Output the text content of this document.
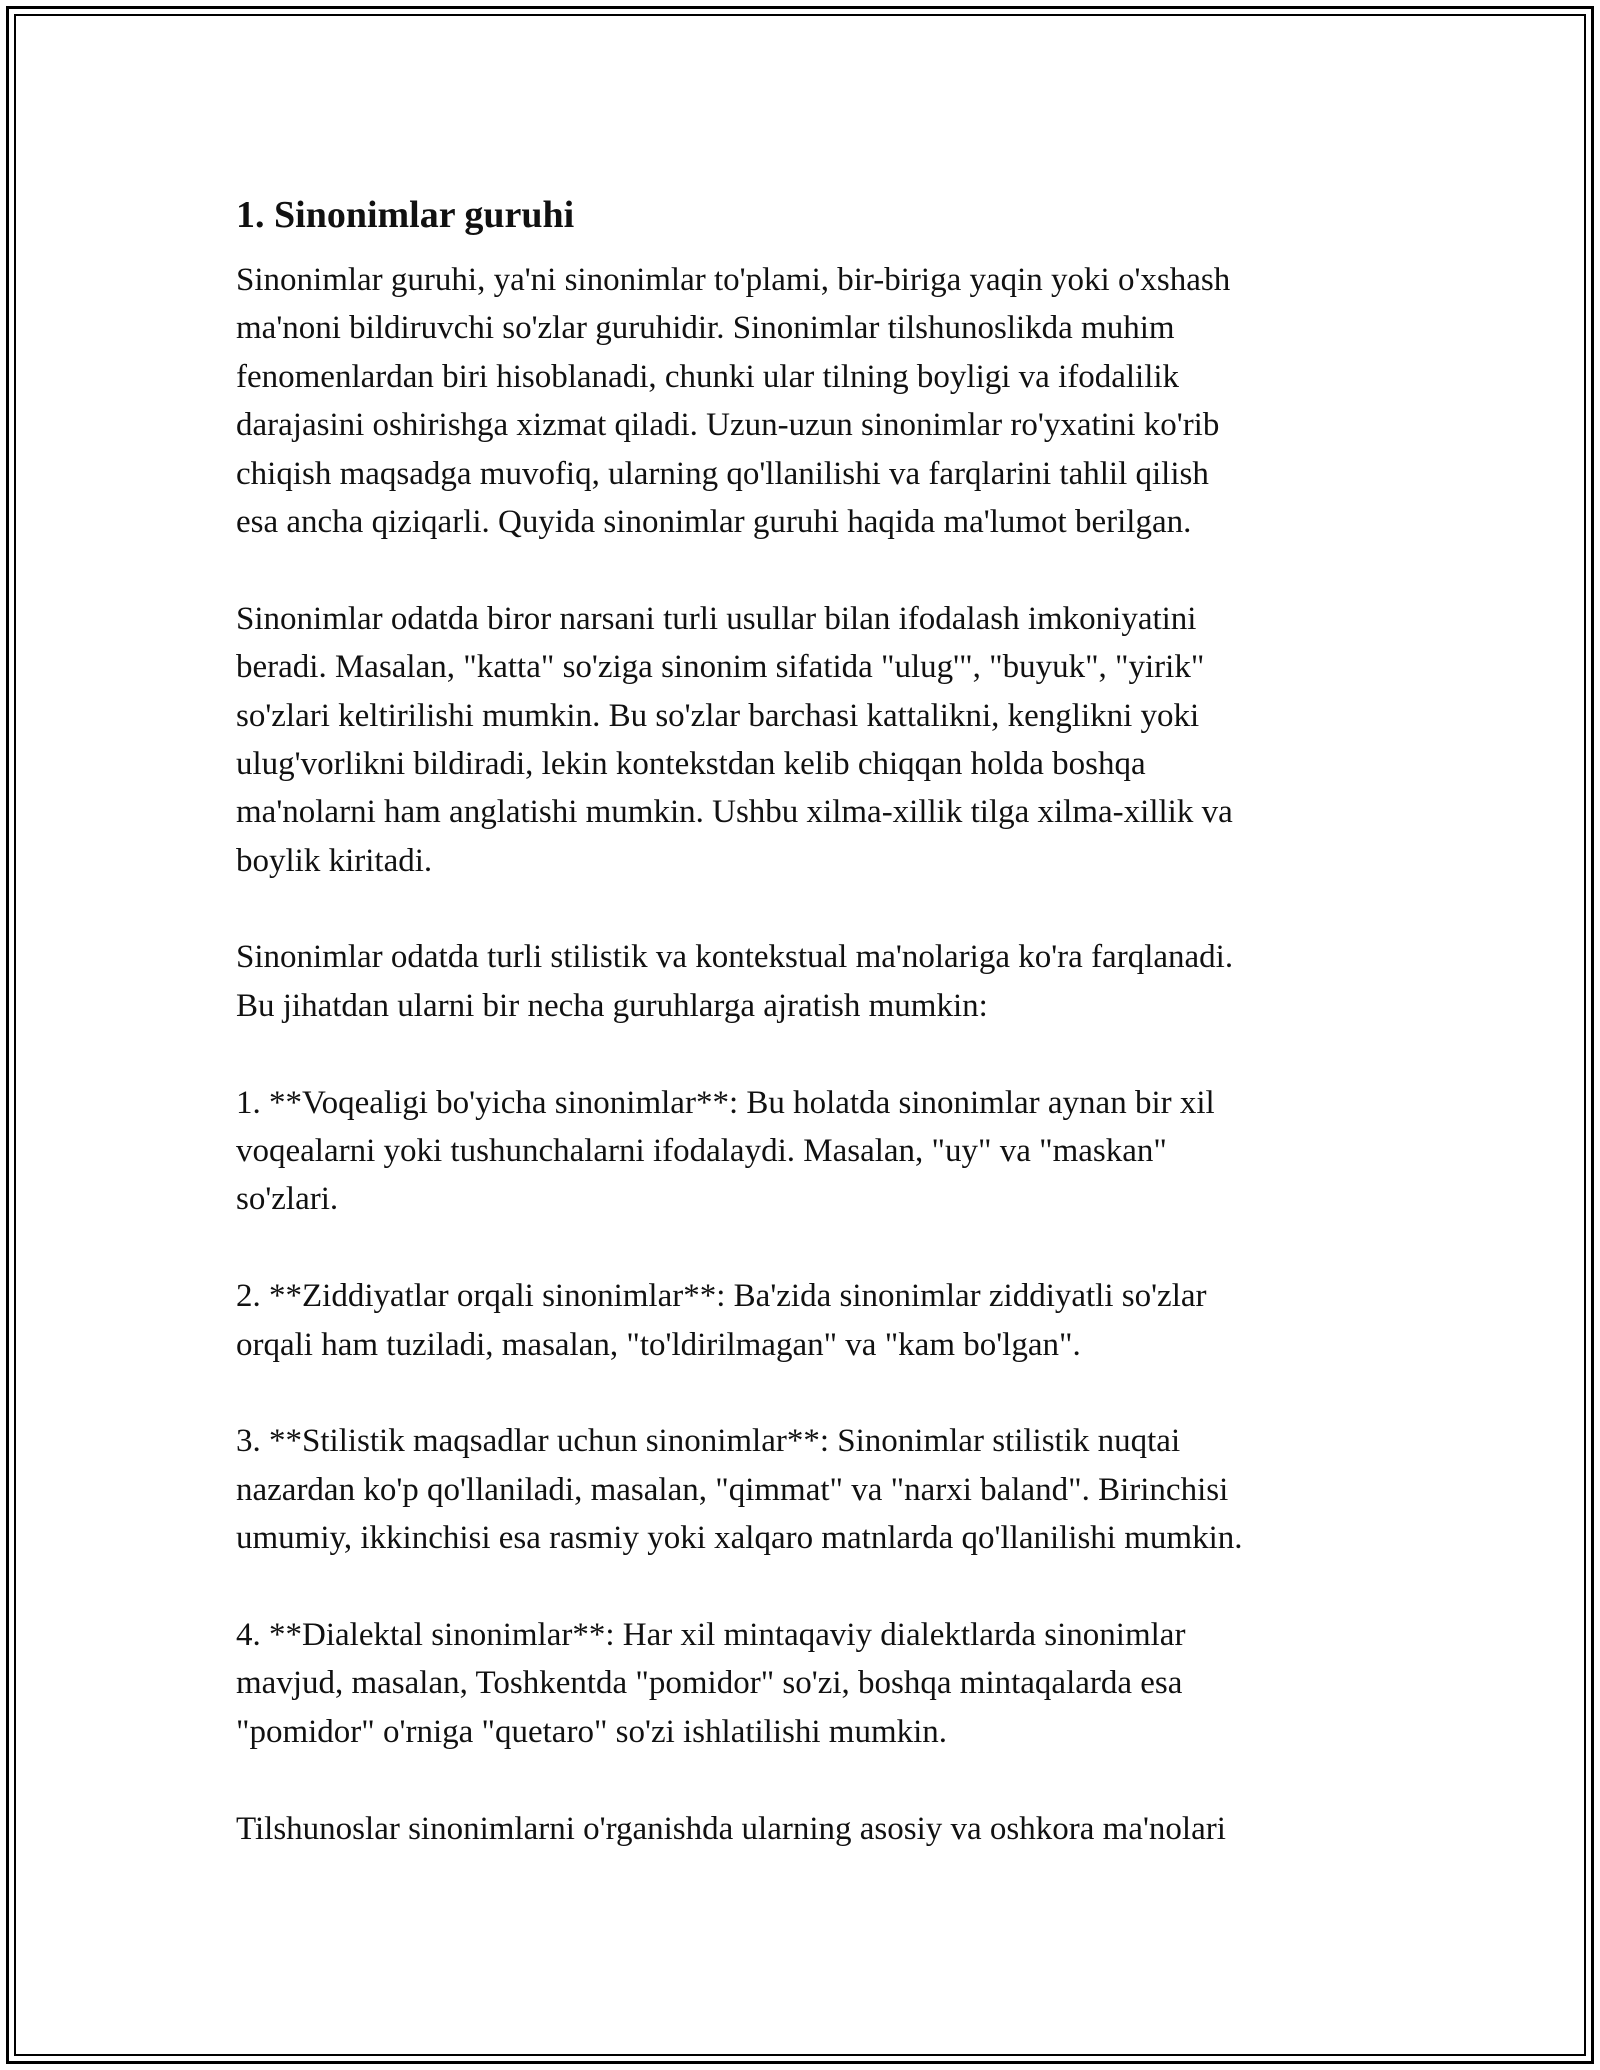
1. Sinonimlar guruhi

Sinonimlar guruhi, ya'ni sinonimlar to'plami, bir-biriga yaqin yoki o'xshash
ma'noni bildiruvchi so'zlar guruhidir. Sinonimlar tilshunoslikda muhim
fenomenlardan biri hisoblanadi, chunki ular tilning boyligi va ifodalilik
darajasini oshirishga xizmat qiladi. Uzun-uzun sinonimlar ro'yxatini ko'rib
chiqish maqsadga muvofiq, ularning qo'llanilishi va farqlarini tahlil qilish
esa ancha qiziqarli. Quyida sinonimlar guruhi haqida ma'lumot berilgan.

Sinonimlar odatda biror narsani turli usullar bilan ifodalash imkoniyatini
beradi. Masalan, "katta" so'ziga sinonim sifatida "ulug'", "buyuk", "yirik"
so'zlari keltirilishi mumkin. Bu so'zlar barchasi kattalikni, kenglikni yoki
ulug'vorlikni bildiradi, lekin kontekstdan kelib chiqqan holda boshqa
ma'nolarni ham anglatishi mumkin. Ushbu xilma-xillik tilga xilma-xillik va
boylik kiritadi.

Sinonimlar odatda turli stilistik va kontekstual ma'nolariga ko'ra farqlanadi.
Bu jihatdan ularni bir necha guruhlarga ajratish mumkin:

1. **Voqealigi bo'yicha sinonimlar**: Bu holatda sinonimlar aynan bir xil
voqealarni yoki tushunchalarni ifodalaydi. Masalan, "uy" va "maskan"
so'zlari.

2. **Ziddiyatlar orqali sinonimlar**: Ba'zida sinonimlar ziddiyatli so'zlar
orqali ham tuziladi, masalan, "to'ldirilmagan" va "kam bo'lgan".

3. **Stilistik maqsadlar uchun sinonimlar**: Sinonimlar stilistik nuqtai
nazardan ko'p qo'llaniladi, masalan, "qimmat" va "narxi baland". Birinchisi
umumiy, ikkinchisi esa rasmiy yoki xalqaro matnlarda qo'llanilishi mumkin.

4. **Dialektal sinonimlar**: Har xil mintaqaviy dialektlarda sinonimlar
mavjud, masalan, Toshkentda "pomidor" so'zi, boshqa mintaqalarda esa
"pomidor" o'rniga "quetaro" so'zi ishlatilishi mumkin.

Tilshunoslar sinonimlarni o'rganishda ularning asosiy va oshkora ma'nolari
